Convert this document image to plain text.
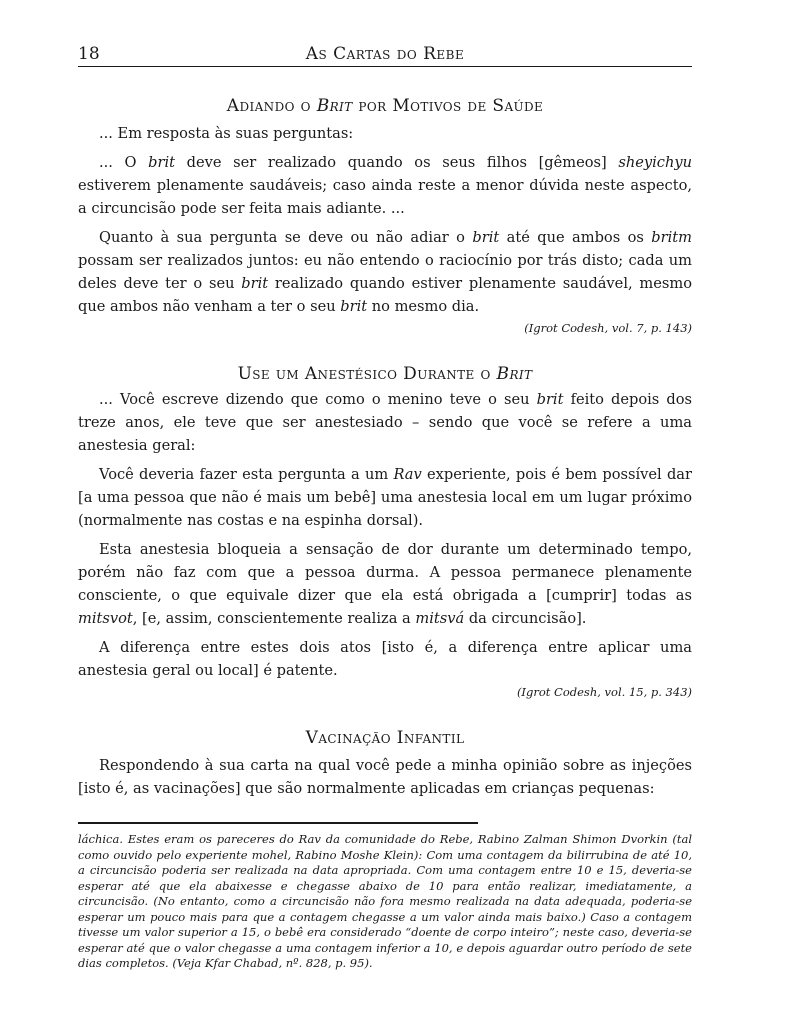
18	As Cartas do Rebe
Adiando o Brit por Motivos de Saúde

... Em resposta às suas perguntas:

... O brit deve ser realizado quando os seus filhos [gêmeos] sheyichyu estiverem plenamente saudáveis; caso ainda reste a menor dúvida neste aspecto, a circuncisão pode ser feita mais adiante. ...

Quanto à sua pergunta se deve ou não adiar o brit até que ambos os britm possam ser realizados juntos: eu não entendo o raciocínio por trás disto; cada um deles deve ter o seu brit realizado quando estiver plenamente saudável, mesmo que ambos não venham a ter o seu brit no mesmo dia.

(Igrot Codesh, vol. 7, p. 143)
Use um Anestésico Durante o Brit

... Você escreve dizendo que como o menino teve o seu brit feito depois dos treze anos, ele teve que ser anestesiado – sendo que você se refere a uma anestesia geral:

Você deveria fazer esta pergunta a um Rav experiente, pois é bem possível dar [a uma pessoa que não é mais um bebê] uma anestesia local em um lugar próximo (normalmente nas costas e na espinha dorsal).

Esta anestesia bloqueia a sensação de dor durante um determinado tempo, porém não faz com que a pessoa durma. A pessoa permanece plenamente consciente, o que equivale dizer que ela está obrigada a [cumprir] todas as mitsvot, [e, assim, conscientemente realiza a mitsvá da circuncisão].

A diferença entre estes dois atos [isto é, a diferença entre aplicar uma anestesia geral ou local] é patente.

(Igrot Codesh, vol. 15, p. 343)
Vacinação Infantil

Respondendo à sua carta na qual você pede a minha opinião sobre as injeções [isto é, as vacinações] que são normalmente aplicadas em crianças pequenas:

láchica. Estes eram os pareceres do Rav da comunidade do Rebe, Rabino Zalman Shimon Dvorkin (tal como ouvido pelo experiente mohel, Rabino Moshe Klein): Com uma contagem da bilirrubina de até 10, a circuncisão poderia ser realizada na data apropriada. Com uma contagem entre 10 e 15, deveria-se esperar até que ela abaixesse e chegasse abaixo de 10 para então realizar, imediatamente, a circuncisão. (No entanto, como a circuncisão não fora mesmo realizada na data adequada, poderia-se esperar um pouco mais para que a contagem chegasse a um valor ainda mais baixo.) Caso a contagem tivesse um valor superior a 15, o bebê era considerado “doente de corpo inteiro”; neste caso, deveria-se esperar até que o valor chegasse a uma contagem inferior a 10, e depois aguardar outro período de sete dias completos. (Veja Kfar Chabad, nº. 828, p. 95).
